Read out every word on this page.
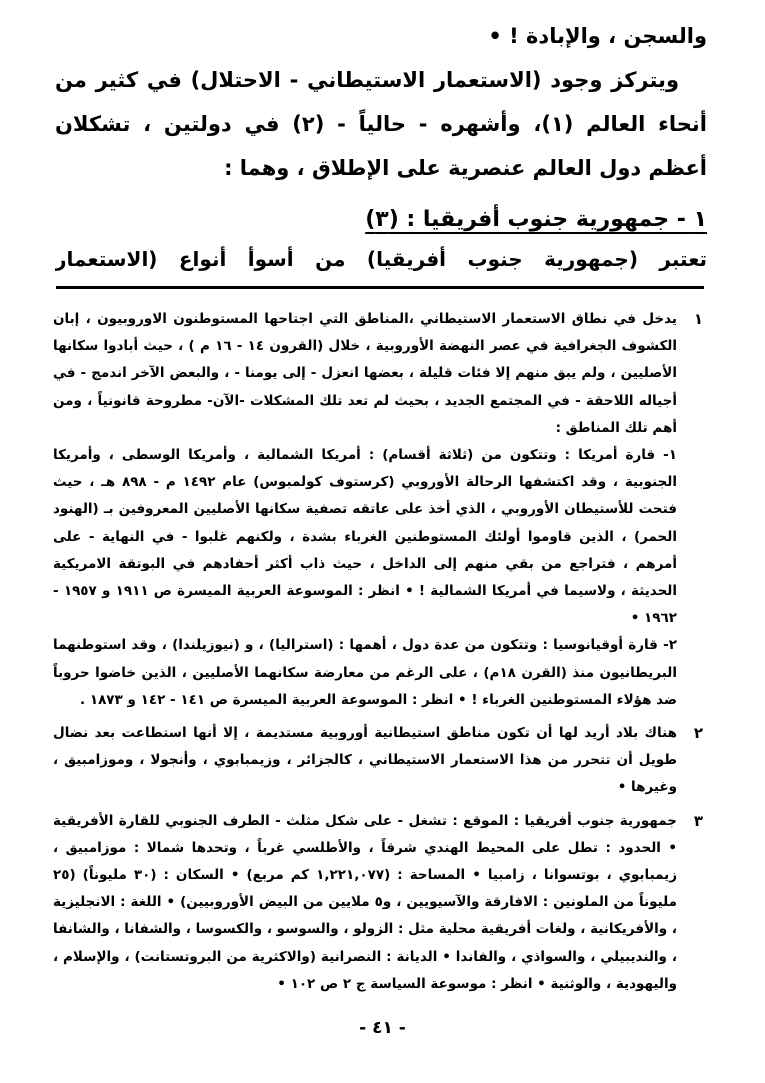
والسجن ، والإبادة ! •

ويتركز وجود (الاستعمار الاستيطاني - الاحتلال) في كثير من أنحاء العالم (١)، وأشهره - حالياً - (٢) في دولتين ، تشكلان أعظم دول العالم عنصرية على الإطلاق ، وهما :

١ - جمهورية جنوب أفريقيا : (٣)

تعتبر (جمهورية جنوب أفريقيا) من أسوأ أنواع (الاستعمار

١

يدخل في نطاق الاستعمار الاستيطاني ،المناطق التي اجتاحها المستوطنون الاوروبيون ، إبان الكشوف الجغرافية في عصر النهضة الأوروبية ، خلال (القرون ١٤ - ١٦ م ) ، حيث أبادوا سكانها الأصليين ، ولم يبق منهم إلا فئات قليلة ، بعضها انعزل - إلى يومنا - ، والبعض الآخر اندمج - في أجياله اللاحقة - في المجتمع الجديد ، بحيث لم تعد تلك المشكلات -الآن- مطروحة قانونياً ، ومن أهم تلك المناطق :

١- قارة أمريكا : وتتكون من (ثلاثة أقسام) : أمريكا الشمالية ، وأمريكا الوسطى ، وأمريكا الجنوبية ، وقد اكتشفها الرحالة الأوروبي (كرستوف كولمبوس) عام ١٤٩٢ م - ٨٩٨ هـ ، حيث فتحت للأستيطان الأوروبي ، الذي أخذ على عاتقه تصفية سكانها الأصليين المعروفين بـ (الهنود الحمر) ، الذين قاوموا أولئك المستوطنين الغرباء بشدة ، ولكنهم غلبوا - في النهاية - على أمرهم ، فتراجع من بقي منهم إلى الداخل ، حيث ذاب أكثر أحفادهم في البوتقة الامريكية الحديثة ، ولاسيما في أمريكا الشمالية ! • انظر : الموسوعة العربية الميسرة ص ١٩١١ و ١٩٥٧ - ١٩٦٢ •

٢- قارة أوقيانوسيا : وتتكون من عدة دول ، أهمها : (استراليا) ، و (نيوزيلندا) ، وقد استوطنهما البريطانيون منذ (القرن ١٨م) ، على الرغم من معارضة سكانهما الأصليين ، الذين خاضوا حروباً ضد هؤلاء المستوطنين الغرباء ! • انظر : الموسوعة العربية الميسرة ص ١٤١ - ١٤٢ و ١٨٧٣ .

٢

هناك بلاد أريد لها أن تكون مناطق استيطانية أوروبية مستديمة ، إلا أنها استطاعت بعد نضال طويل أن تتحرر من هذا الاستعمار الاستيطاني ، كالجزائر ، وزيمبابوي ، وأنجولا ، وموزامبيق ، وغيرها •

٣

جمهورية جنوب أفريقيا : الموقع : تشغل - على شكل مثلث - الطرف الجنوبي للقارة الأفريقية • الحدود : تطل على المحيط الهندي شرقاً ، والأطلسي غرباً ، وتحدها شمالا : موزامبيق ، زيمبابوي ، بوتسوانا ، زامبيا • المساحة : (١,٢٢١,٠٧٧ كم مربع) • السكان : (٣٠ مليوناً) (٢٥ مليوناً من الملونين : الافارقة والآسيويين ، و٥ ملايين من البيض الأوروبيين) • اللغة : الانجليزية ، والأفريكانية ، ولغات أفريقية محلية مثل : الزولو ، والسوسو ، والكسوسا ، والشفانا ، والشانفا ، والنديبيلي ، والسواذي ، والفاندا • الديانة : النصرانية (والاكثرية من البروتستانت) ، والإسلام ، واليهودية ، والوثنية • انظر : موسوعة السياسة ج ٢ ص ١٠٢ •

- ٤١ -
